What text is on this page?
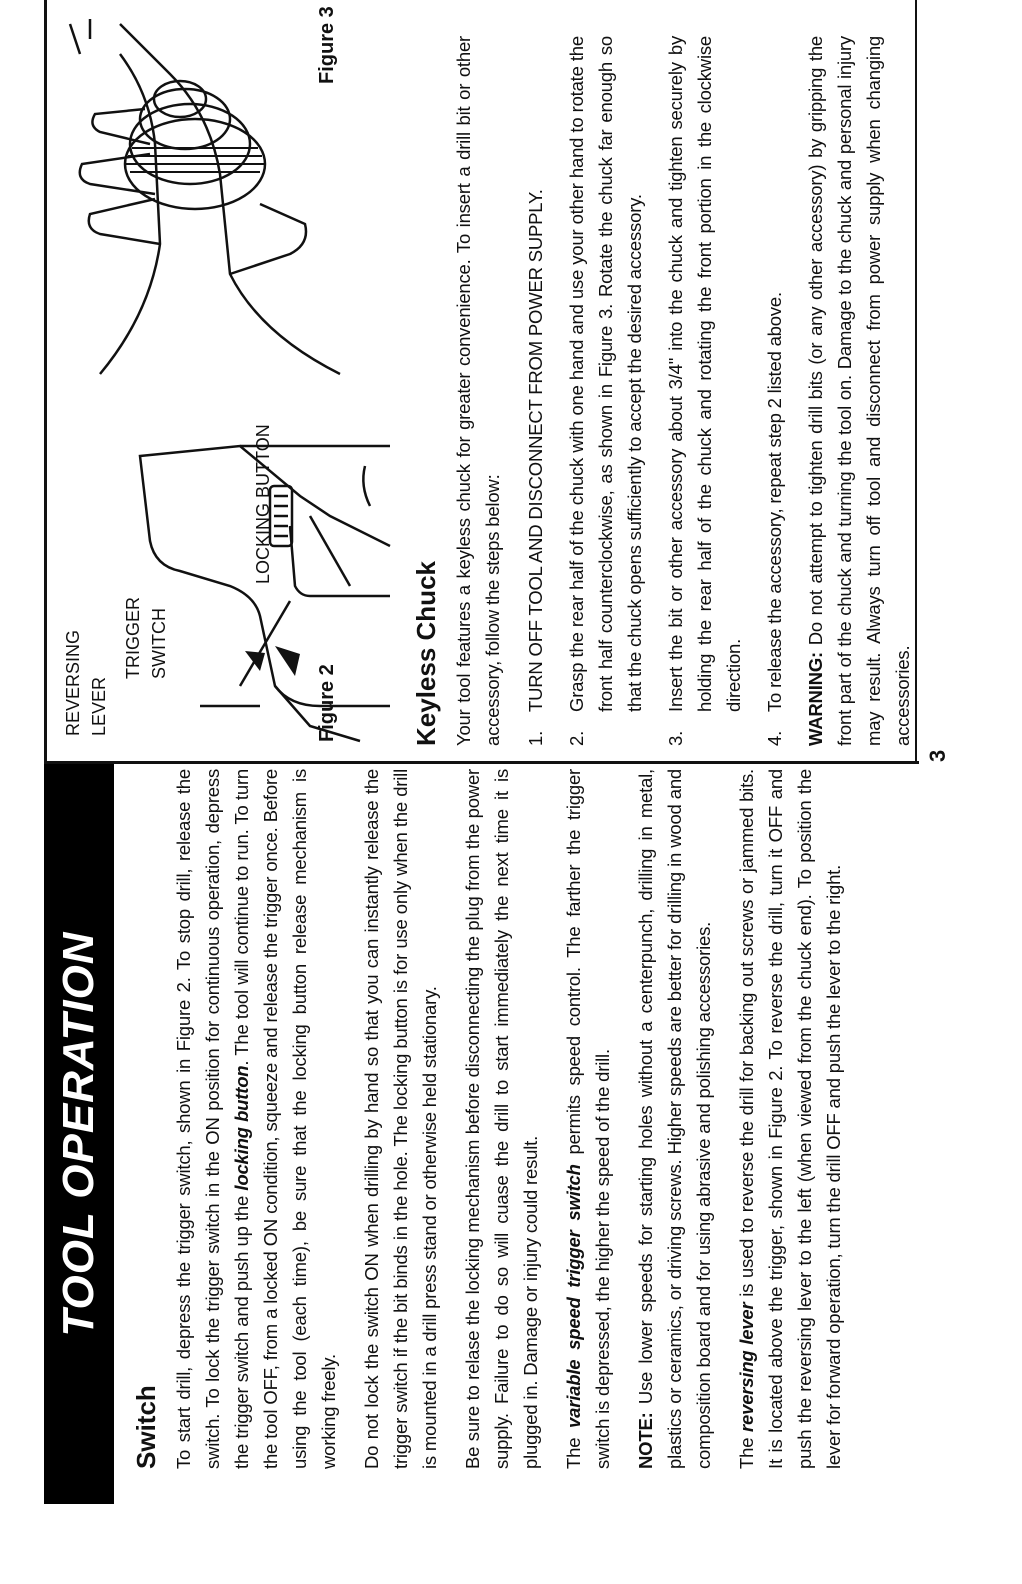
TOOL OPERATION
Switch To start drill, depress the trigger switch, shown in Figure 2. To stop drill, release the switch. To lock the trigger switch in the ON position for continuous operation, depress the trigger switch and push up the locking button. The tool will continue to run. To turn the tool OFF, from a locked ON condition, squeeze and release the trigger once. Before using the tool (each time), be sure that the locking button release mechanism is working freely. Do not lock the switch ON when drilling by hand so that you can instantly release the trigger switch if the bit binds in the hole. The locking button is for use only when the drill is mounted in a drill press stand or otherwise held stationary. Be sure to relase the locking mechanism before disconnecting the plug from the power supply. Failure to do so will cuase the drill to start immediately the next time it is plugged in. Damage or injury could result. The variable speed trigger switch permits speed control. The farther the trigger switch is depressed, the higher the speed of the drill. NOTE: Use lower speeds for starting holes without a centerpunch, drilling in metal, plastics or ceramics, or driving screws. Higher speeds are better for drilling in wood and composition board and for using abrasive and polishing accessories. The reversing lever is used to reverse the drill for backing out screws or jammed bits. It is located above the trigger, shown in Figure 2. To reverse the drill, turn it OFF and push the reversing lever to the left (when viewed from the chuck end). To position the lever for forward operation, turn the drill OFF and push the lever to the right.

REVERSING LEVER
TRIGGER SWITCH
LOCKING BUTTON
Figure 2
Figure 3
Keyless Chuck Your tool features a keyless chuck for greater convenience. To insert a drill bit or other accessory, follow the steps below: 1.
TURN OFF TOOL AND DISCONNECT FROM POWER SUPPLY.
2.
Grasp the rear half of the chuck with one hand and use your other hand to rotate the front half counterclockwise, as shown in Figure 3. Rotate the chuck far enough so that the chuck opens sufficiently to accept the desired accessory.
3.
Insert the bit or other accessory about 3/4" into the chuck and tighten securely by holding the rear half of the chuck and rotating the front portion in the clockwise direction.
4.
To release the accessory, repeat step 2 listed above. WARNING: Do not attempt to tighten drill bits (or any other accessory) by gripping the front part of the chuck and turning the tool on. Damage to the chuck and personal injury may result. Always turn off tool and disconnect from power supply when changing accessories.

3
